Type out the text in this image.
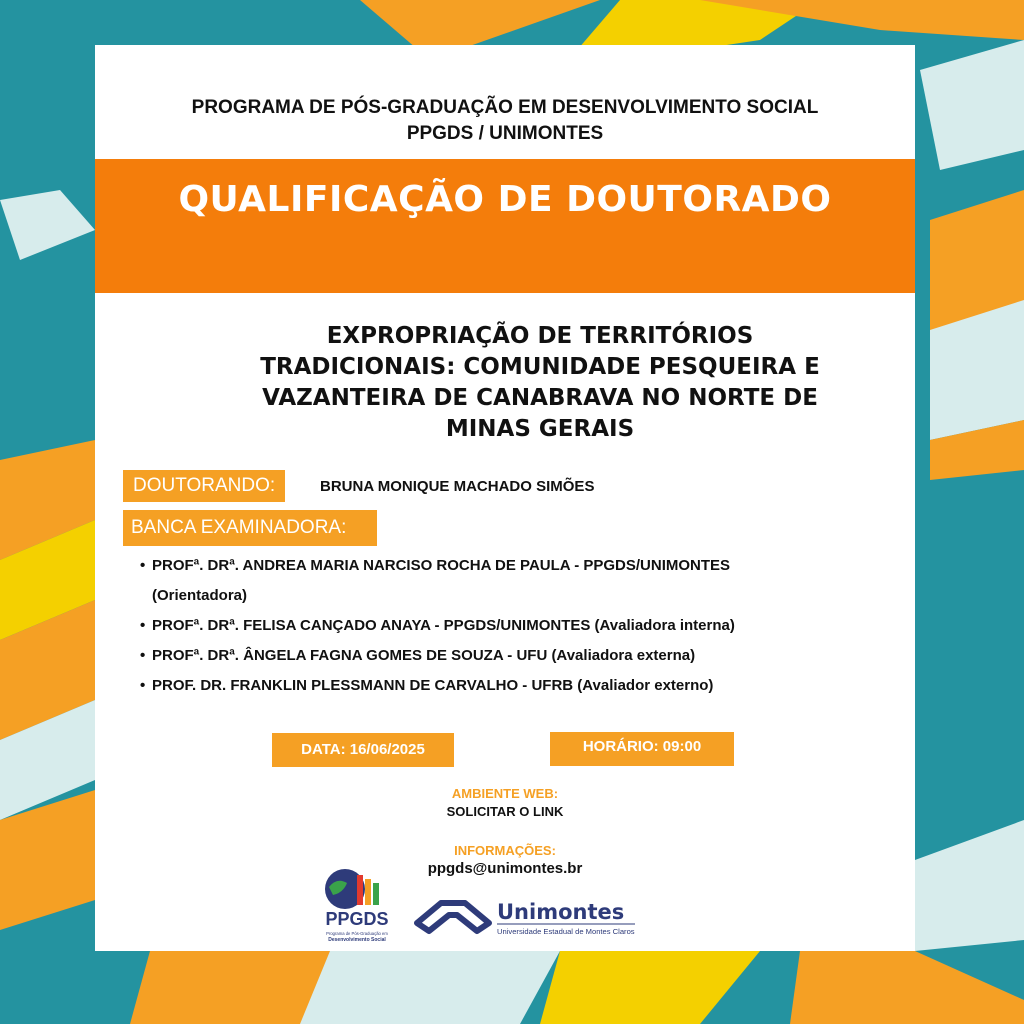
PROGRAMA DE PÓS-GRADUAÇÃO EM DESENVOLVIMENTO SOCIAL
PPGDS / UNIMONTES
QUALIFICAÇÃO DE DOUTORADO
EXPROPRIAÇÃO DE TERRITÓRIOS
TRADICIONAIS: COMUNIDADE PESQUEIRA E
VAZANTEIRA DE CANABRAVA NO NORTE DE
MINAS GERAIS
DOUTORANDO:	BRUNA MONIQUE MACHADO SIMÕES
BANCA EXAMINADORA:
• PROFª. DRª. ANDREA MARIA NARCISO ROCHA DE PAULA - PPGDS/UNIMONTES
(Orientadora)
• PROFª. DRª. FELISA CANÇADO ANAYA - PPGDS/UNIMONTES (Avaliadora interna)
• PROFª. DRª. ÂNGELA FAGNA GOMES DE SOUZA - UFU (Avaliadora externa)
• PROF. DR. FRANKLIN PLESSMANN DE CARVALHO - UFRB (Avaliador externo)
DATA: 16/06/2025	HORÁRIO: 09:00
AMBIENTE WEB:
SOLICITAR O LINK
INFORMAÇÕES:
ppgds@unimontes.br
PPGDS
Programa de Pós-Graduação em
Desenvolvimento Social
Unimontes
Universidade Estadual de Montes Claros
